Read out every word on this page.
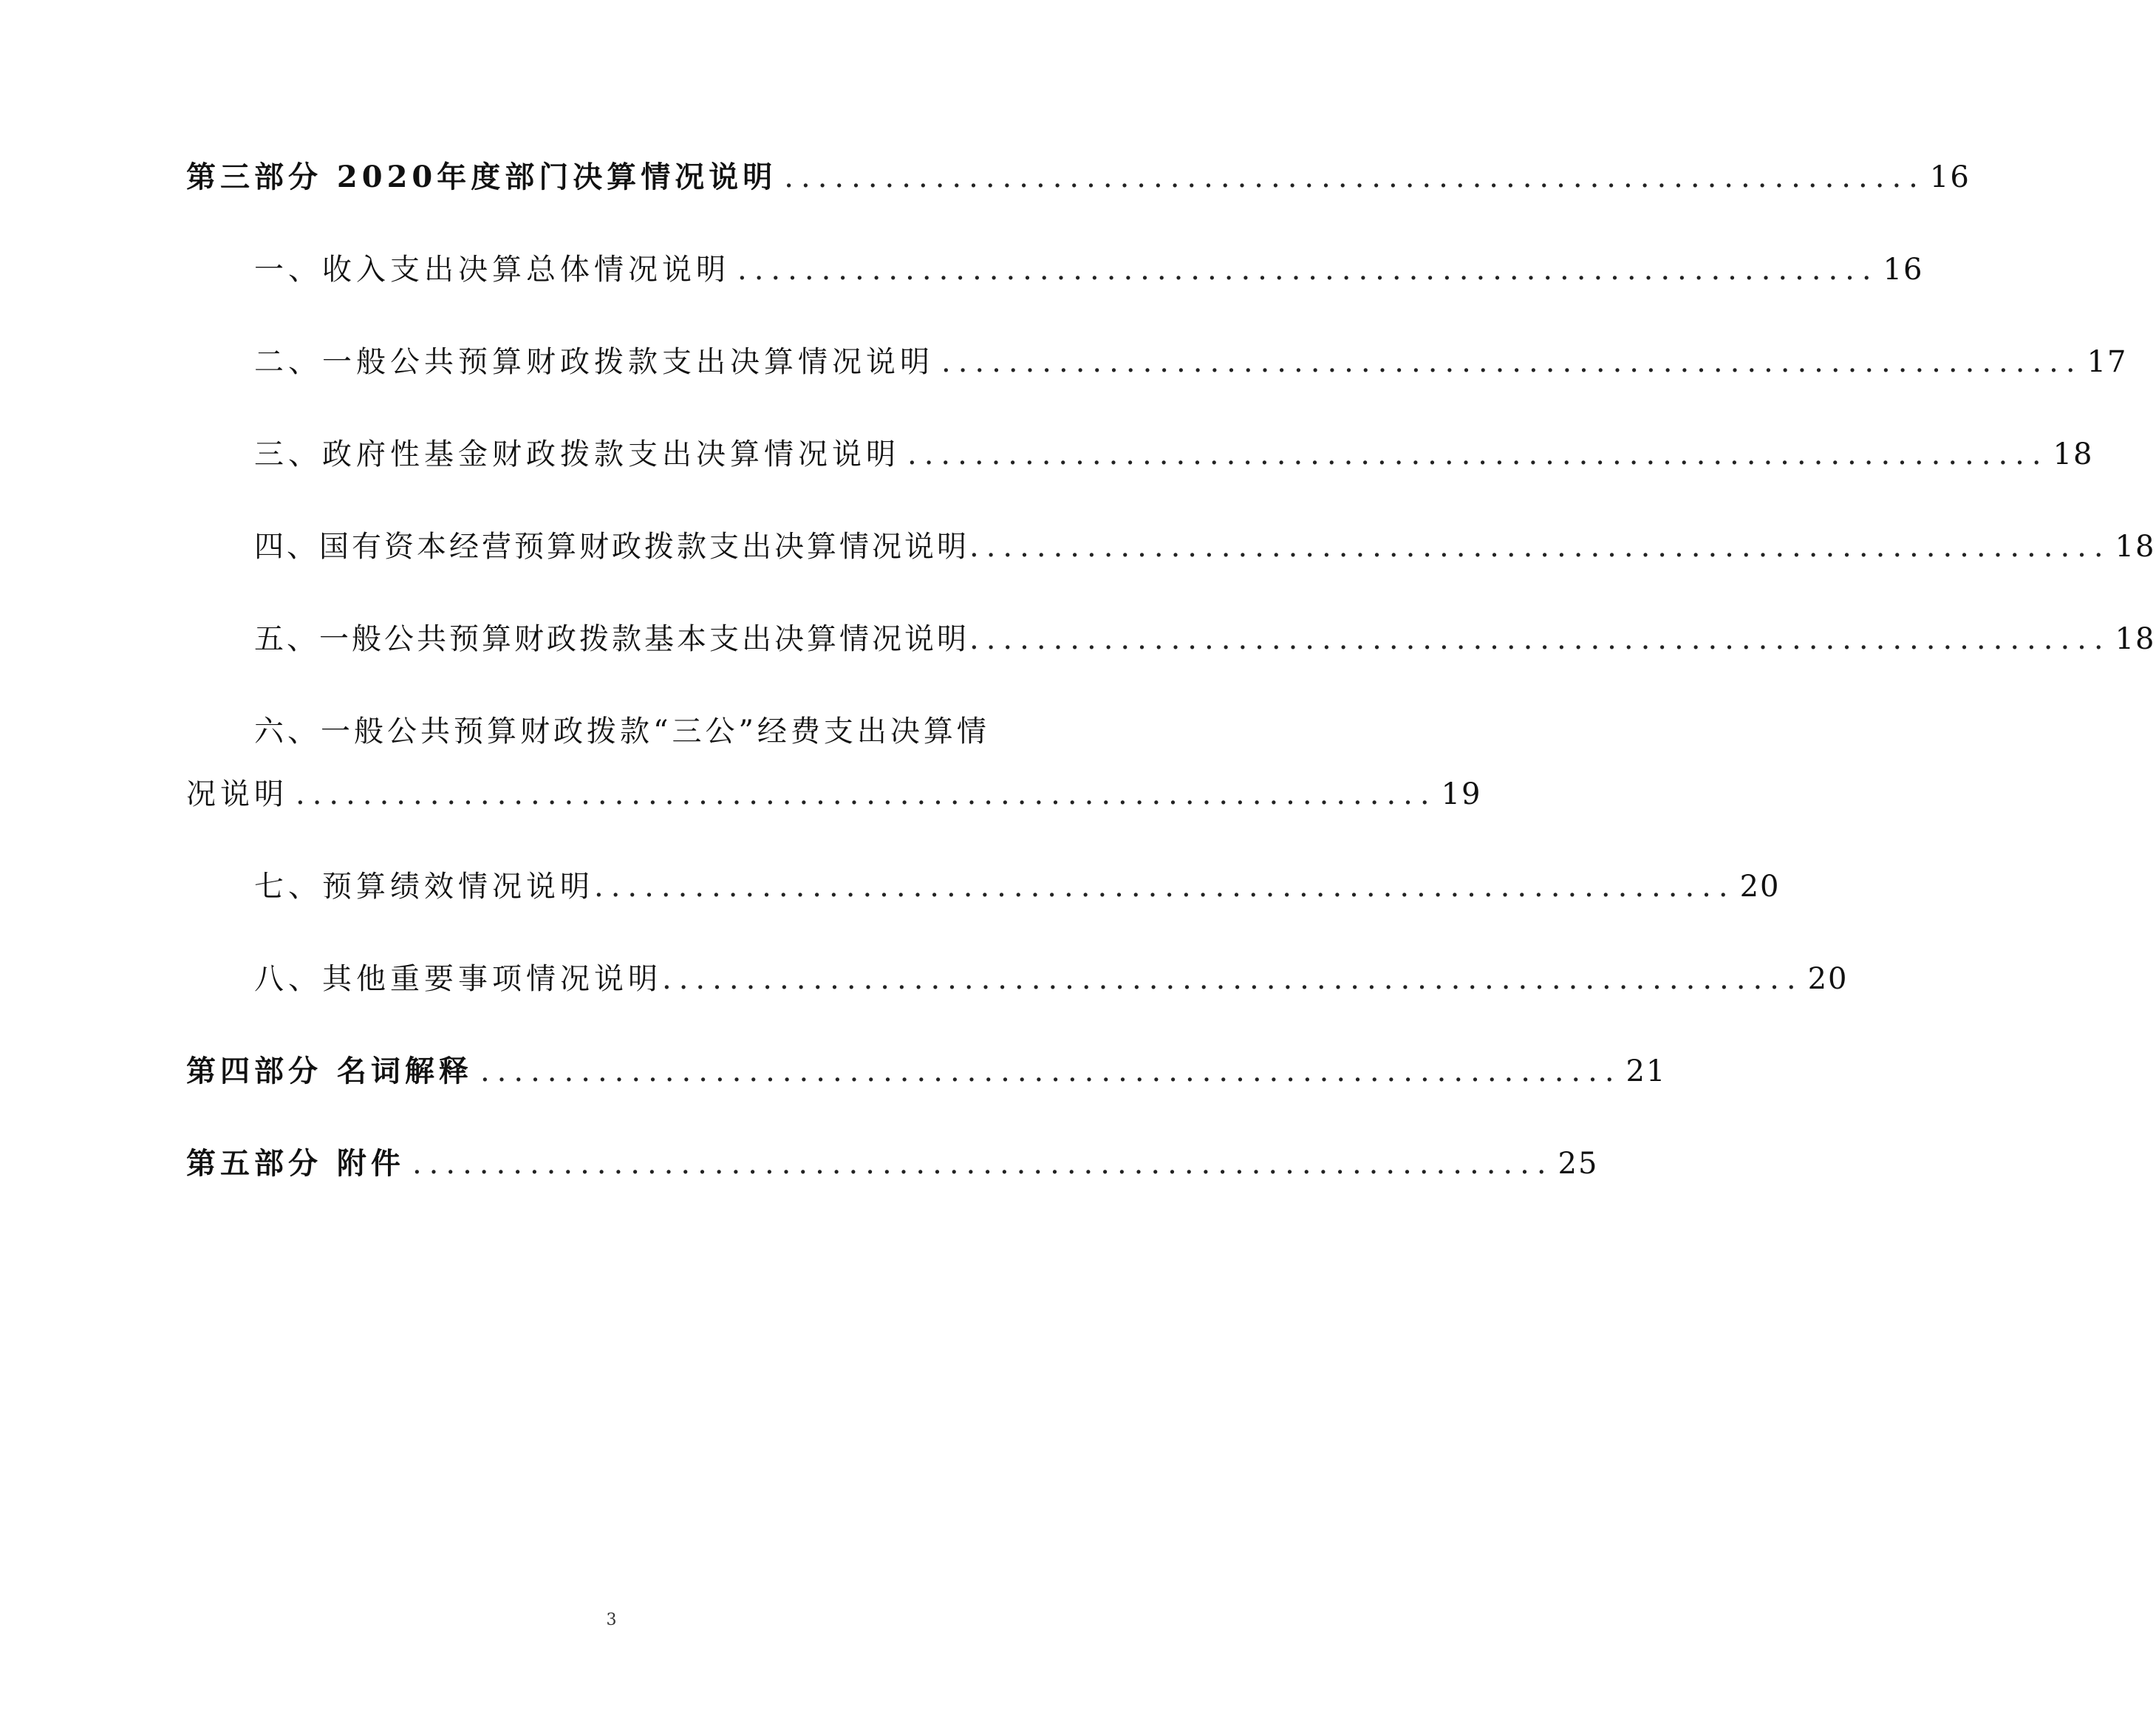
第三部分 2020年度部门决算情况说明 .................................................................... 16
一、收入支出决算总体情况说明 .................................................................... 16
二、一般公共预算财政拨款支出决算情况说明 .................................................................... 17
三、政府性基金财政拨款支出决算情况说明 .................................................................... 18
四、国有资本经营预算财政拨款支出决算情况说明 .................................................................... 18
五、一般公共预算财政拨款基本支出决算情况说明 .................................................................... 18
六、一般公共预算财政拨款“三公”经费支出决算情
况说明 .................................................................... 19
七、预算绩效情况说明 .................................................................... 20
八、其他重要事项情况说明 .................................................................... 20
第四部分 名词解释 .................................................................... 21
第五部分 附件 .................................................................... 25
3
